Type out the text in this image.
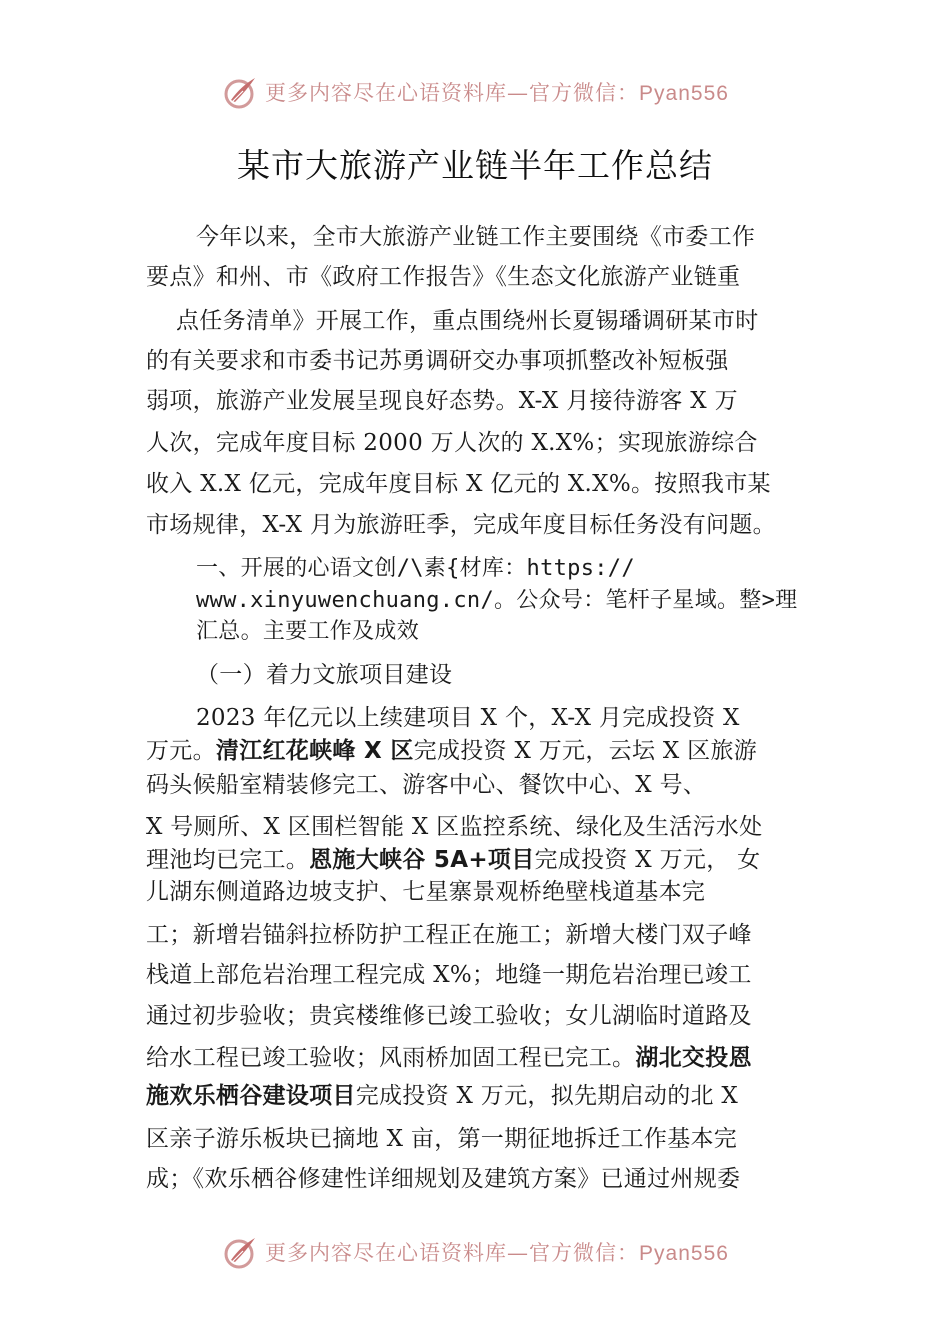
更多内容尽在心语资料库—官方微信：Pyan556
某市大旅游产业链半年工作总结
今年以来，全市大旅游产业链工作主要围绕《市委工作
要点》和州、市《政府工作报告》《生态文化旅游产业链重
点任务清单》开展工作，重点围绕州长夏锡璠调研某市时
的有关要求和市委书记苏勇调研交办事项抓整改补短板强
弱项，旅游产业发展呈现良好态势。X-X 月接待游客 X 万
人次，完成年度目标 2000 万人次的 X.X%；实现旅游综合
收入 X.X 亿元，完成年度目标 X 亿元的 X.X%。按照我市某
市场规律，X-X 月为旅游旺季，完成年度目标任务没有问题。
一、开展的心语文创/\素{材库：https://
www.xinyuwenchuang.cn/。公众号：笔杆子星域。整>理
汇总。主要工作及成效
（一）着力文旅项目建设
2023 年亿元以上续建项目 X 个，X-X 月完成投资 X
万元。清江红花峡峰 X 区完成投资 X 万元，云坛 X 区旅游
码头候船室精装修完工、游客中心、餐饮中心、X 号、
X 号厕所、X 区围栏智能 X 区监控系统、绿化及生活污水处
理池均已完工。恩施大峡谷 5A+项目完成投资 X 万元， 女
儿湖东侧道路边坡支护、七星寨景观桥绝壁栈道基本完
工；新增岩锚斜拉桥防护工程正在施工；新增大楼门双子峰
栈道上部危岩治理工程完成 X%；地缝一期危岩治理已竣工
通过初步验收；贵宾楼维修已竣工验收；女儿湖临时道路及
给水工程已竣工验收；风雨桥加固工程已完工。湖北交投恩
施欢乐栖谷建设项目完成投资 X 万元，拟先期启动的北 X
区亲子游乐板块已摘地 X 亩，第一期征地拆迁工作基本完
成；《欢乐栖谷修建性详细规划及建筑方案》已通过州规委
更多内容尽在心语资料库—官方微信：Pyan556
